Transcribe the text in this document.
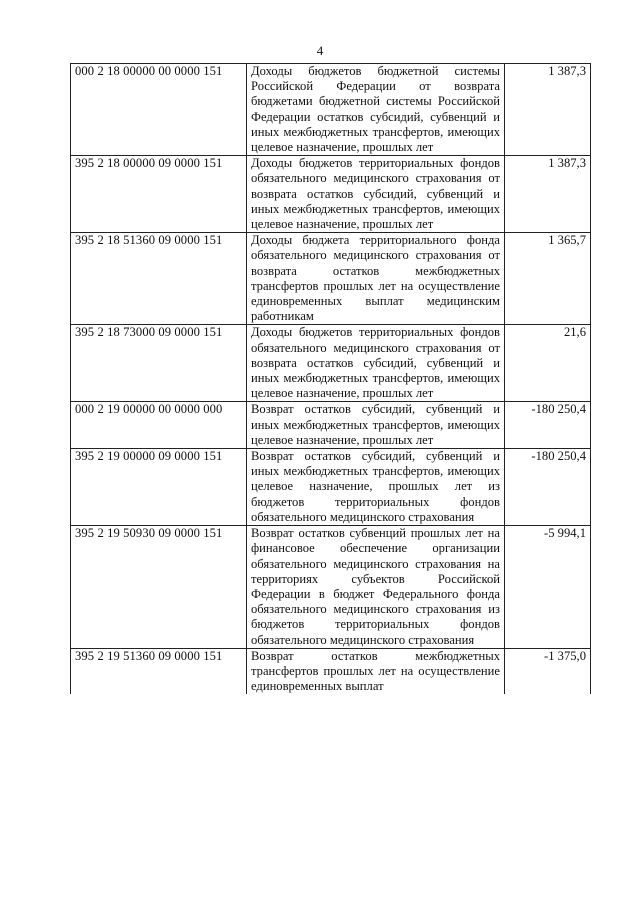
4
000 2 18 00000 00 0000 151	Доходы бюджетов бюджетной системы Российской Федерации от возврата бюджетами бюджетной системы Российской Федерации остатков субсидий, субвенций и иных межбюджетных трансфертов, имеющих целевое назначение, прошлых лет	1 387,3
395 2 18 00000 09 0000 151	Доходы бюджетов территориальных фондов обязательного медицинского страхования от возврата остатков субсидий, субвенций и иных межбюджетных трансфертов, имеющих целевое назначение, прошлых лет	1 387,3
395 2 18 51360 09 0000 151	Доходы бюджета территориального фонда обязательного медицинского страхования от возврата остатков межбюджетных трансфертов прошлых лет на осуществление единовременных выплат медицинским работникам	1 365,7
395 2 18 73000 09 0000 151	Доходы бюджетов территориальных фондов обязательного медицинского страхования от возврата остатков субсидий, субвенций и иных межбюджетных трансфертов, имеющих целевое назначение, прошлых лет	21,6
000 2 19 00000 00 0000 000	Возврат остатков субсидий, субвенций и иных межбюджетных трансфертов, имеющих целевое назначение, прошлых лет	-180 250,4
395 2 19 00000 09 0000 151	Возврат остатков субсидий, субвенций и иных межбюджетных трансфертов, имеющих целевое назначение, прошлых лет из бюджетов территориальных фондов обязательного медицинского страхования	-180 250,4
395 2 19 50930 09 0000 151	Возврат остатков субвенций прошлых лет на финансовое обеспечение организации обязательного медицинского страхования на территориях субъектов Российской Федерации в бюджет Федерального фонда обязательного медицинского страхования из бюджетов территориальных фондов обязательного медицинского страхования	-5 994,1
395 2 19 51360 09 0000 151	Возврат остатков межбюджетных трансфертов прошлых лет на осуществление единовременных выплат	-1 375,0
